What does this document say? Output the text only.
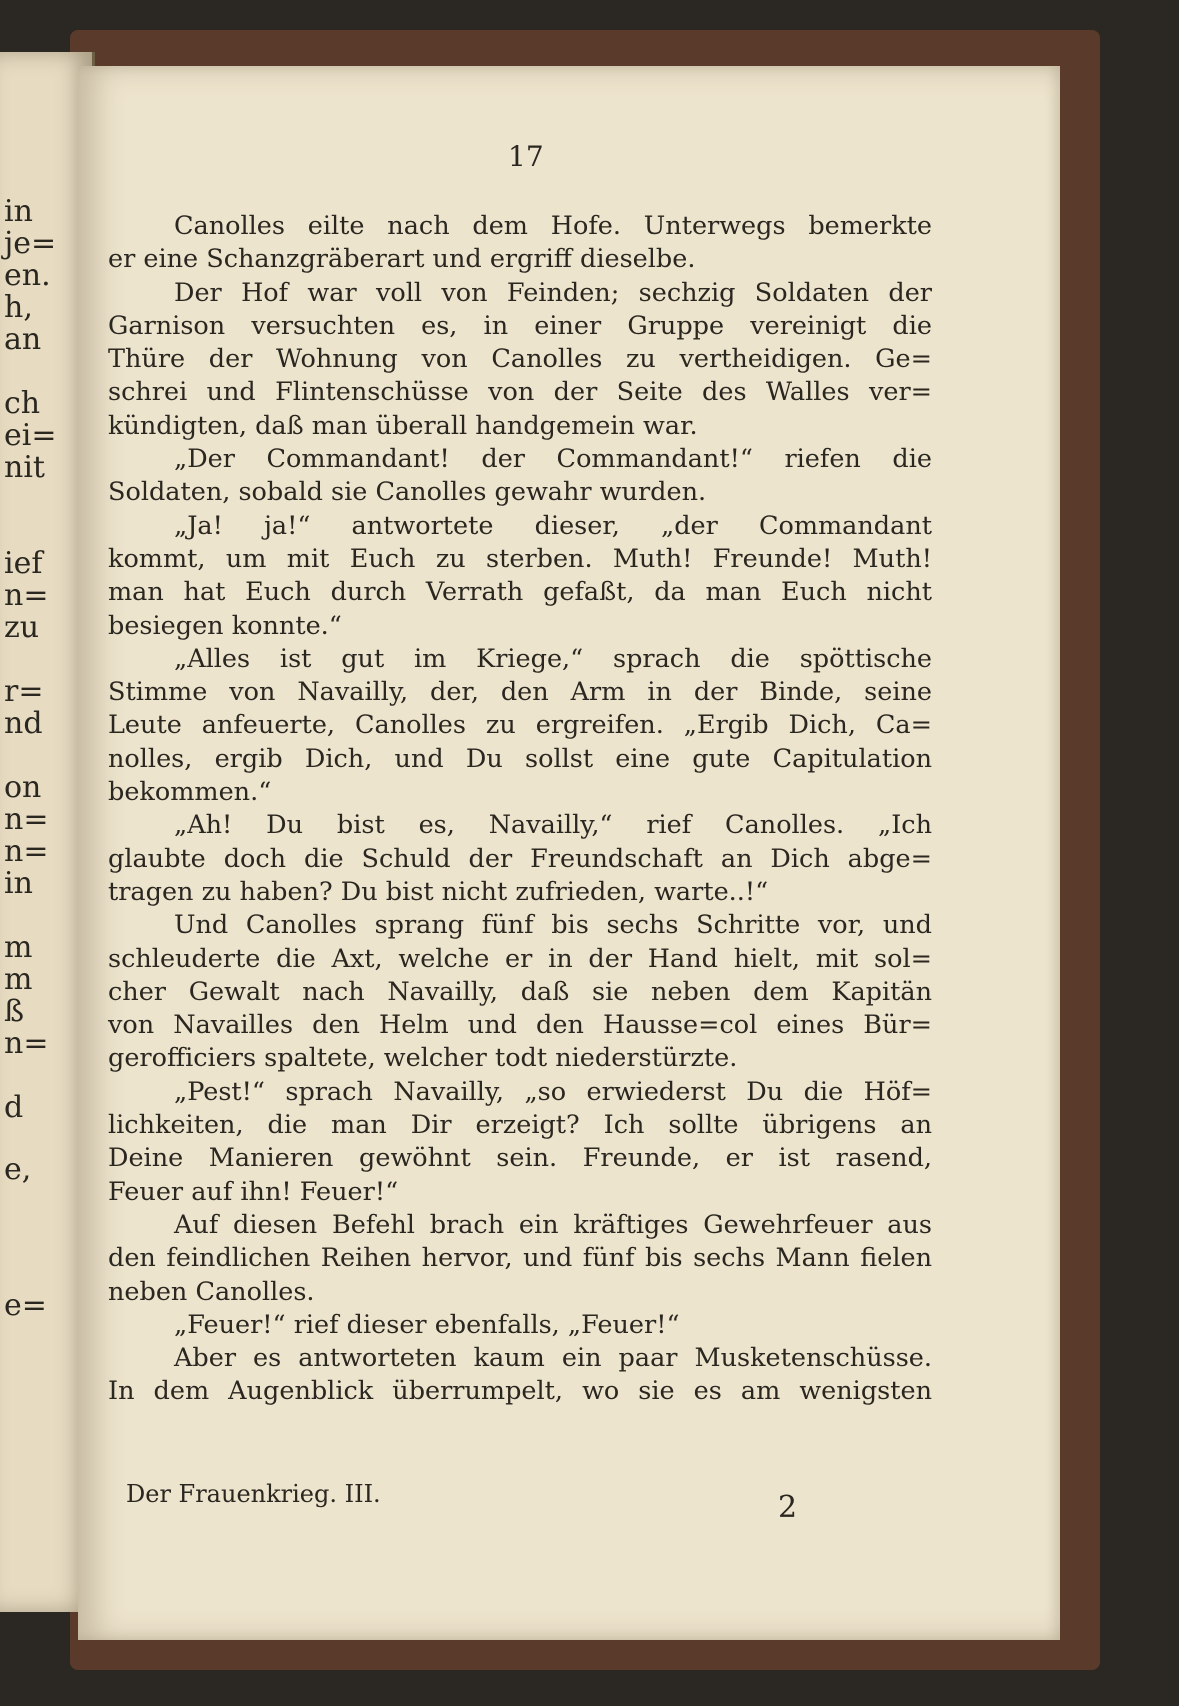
in
je=
en.
h,
an
ch
ei=
nit
ief
n=
zu
r=
nd
on
n=
n=
in
m
m
ß
n=
d
e,
e=
17
Canolles eilte nach dem Hofe. Unterwegs bemerkte
er eine Schanzgräberart und ergriff dieselbe.
Der Hof war voll von Feinden; sechzig Soldaten der
Garnison versuchten es, in einer Gruppe vereinigt die
Thüre der Wohnung von Canolles zu vertheidigen. Ge=
schrei und Flintenschüsse von der Seite des Walles ver=
kündigten, daß man überall handgemein war.
„Der Commandant! der Commandant!“ riefen die
Soldaten, sobald sie Canolles gewahr wurden.
„Ja! ja!“ antwortete dieser, „der Commandant
kommt, um mit Euch zu sterben. Muth! Freunde! Muth!
man hat Euch durch Verrath gefaßt, da man Euch nicht
besiegen konnte.“
„Alles ist gut im Kriege,“ sprach die spöttische
Stimme von Navailly, der, den Arm in der Binde, seine
Leute anfeuerte, Canolles zu ergreifen. „Ergib Dich, Ca=
nolles, ergib Dich, und Du sollst eine gute Capitulation
bekommen.“
„Ah! Du bist es, Navailly,“ rief Canolles. „Ich
glaubte doch die Schuld der Freundschaft an Dich abge=
tragen zu haben? Du bist nicht zufrieden, warte..!“
Und Canolles sprang fünf bis sechs Schritte vor, und
schleuderte die Axt, welche er in der Hand hielt, mit sol=
cher Gewalt nach Navailly, daß sie neben dem Kapitän
von Navailles den Helm und den Hausse=col eines Bür=
gerofficiers spaltete, welcher todt niederstürzte.
„Pest!“ sprach Navailly, „so erwiederst Du die Höf=
lichkeiten, die man Dir erzeigt? Ich sollte übrigens an
Deine Manieren gewöhnt sein. Freunde, er ist rasend,
Feuer auf ihn! Feuer!“
Auf diesen Befehl brach ein kräftiges Gewehrfeuer aus
den feindlichen Reihen hervor, und fünf bis sechs Mann fielen
neben Canolles.
„Feuer!“ rief dieser ebenfalls, „Feuer!“
Aber es antworteten kaum ein paar Musketenschüsse.
In dem Augenblick überrumpelt, wo sie es am wenigsten
Der Frauenkrieg. III.	2
